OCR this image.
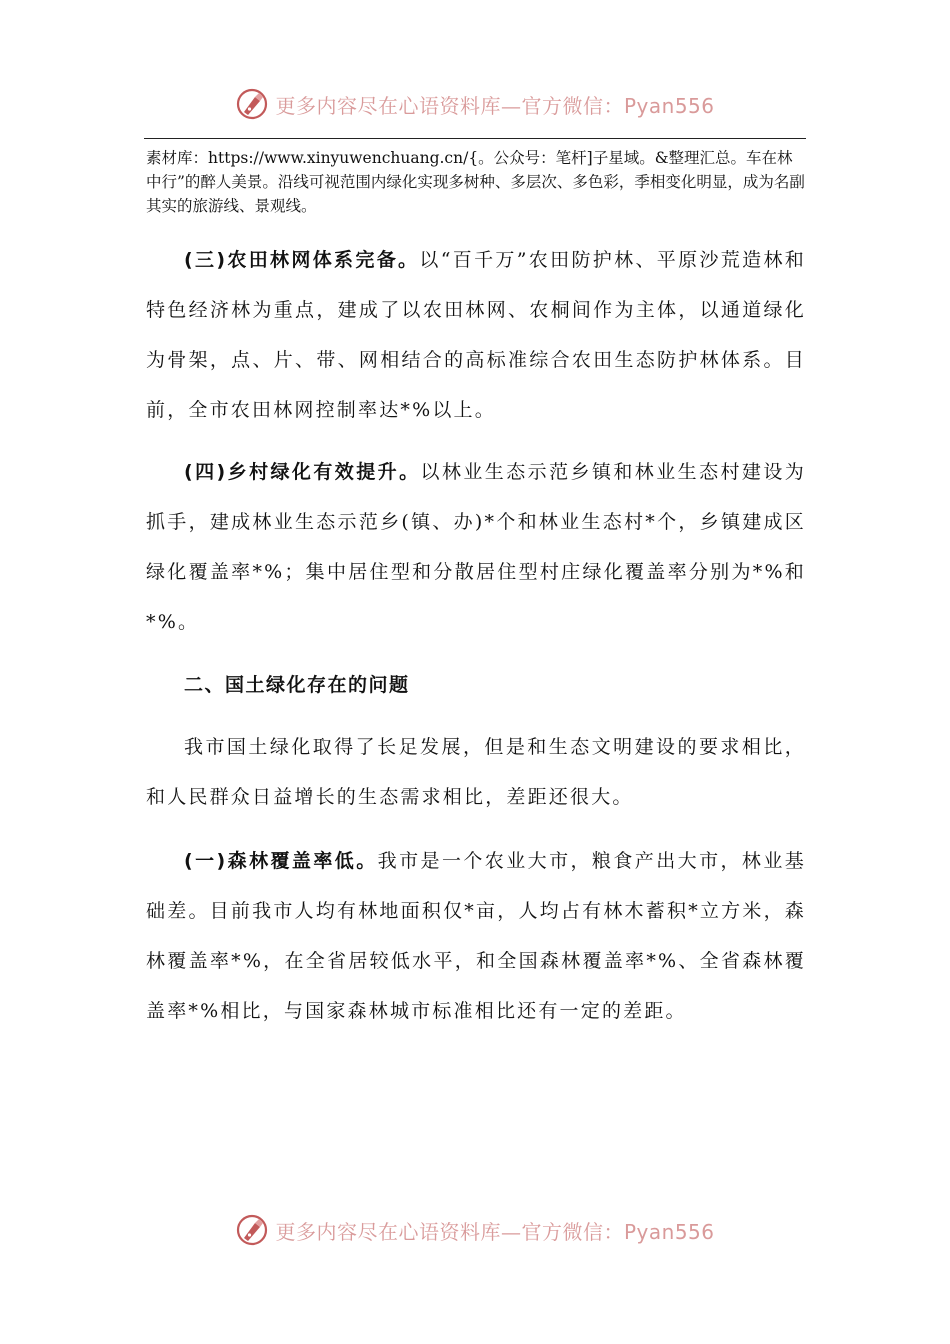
更多内容尽在心语资料库—官方微信：Pyan556
素材库：https://www.xinyuwenchuang.cn/{。公众号：笔杆]子星域。&整理汇总。车在林中行”的醉人美景。沿线可视范围内绿化实现多树种、多层次、多色彩，季相变化明显，成为名副其实的旅游线、景观线。
(三)农田林网体系完备。以“百千万”农田防护林、平原沙荒造林和特色经济林为重点，建成了以农田林网、农桐间作为主体，以通道绿化为骨架，点、片、带、网相结合的高标准综合农田生态防护林体系。目前，全市农田林网控制率达*%以上。
(四)乡村绿化有效提升。以林业生态示范乡镇和林业生态村建设为抓手，建成林业生态示范乡(镇、办)*个和林业生态村*个，乡镇建成区绿化覆盖率*%；集中居住型和分散居住型村庄绿化覆盖率分别为*%和*%。
二、国土绿化存在的问题
我市国土绿化取得了长足发展，但是和生态文明建设的要求相比，和人民群众日益增长的生态需求相比，差距还很大。
(一)森林覆盖率低。我市是一个农业大市，粮食产出大市，林业基础差。目前我市人均有林地面积仅*亩，人均占有林木蓄积*立方米，森林覆盖率*%，在全省居较低水平，和全国森林覆盖率*%、全省森林覆盖率*%相比，与国家森林城市标准相比还有一定的差距。
更多内容尽在心语资料库—官方微信：Pyan556
